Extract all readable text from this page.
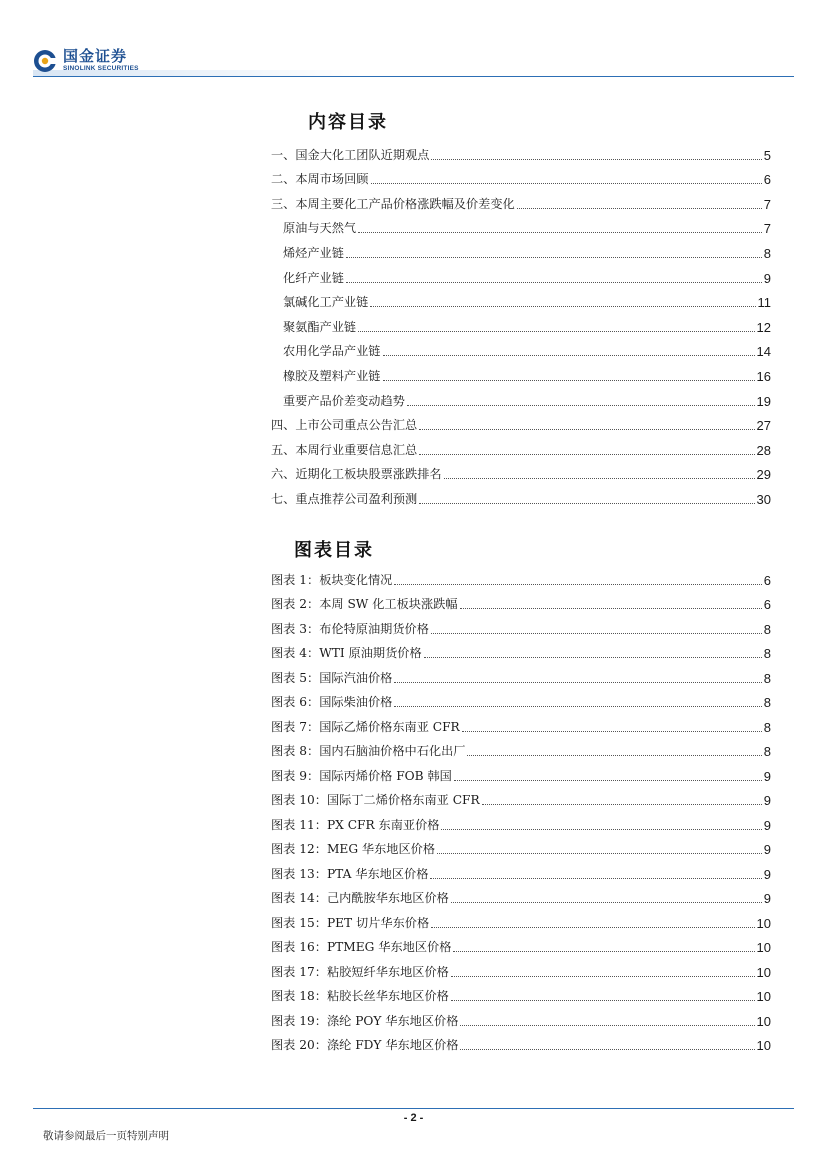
国金证券
SINOLINK SECURITIES
内容目录
一、国金大化工团队近期观点	5
二、本周市场回顾	6
三、本周主要化工产品价格涨跌幅及价差变化	7
原油与天然气	7
烯烃产业链	8
化纤产业链	9
氯碱化工产业链	11
聚氨酯产业链	12
农用化学品产业链	14
橡胶及塑料产业链	16
重要产品价差变动趋势	19
四、上市公司重点公告汇总	27
五、本周行业重要信息汇总	28
六、近期化工板块股票涨跌排名	29
七、重点推荐公司盈利预测	30
图表目录
图表 1：板块变化情况	6
图表 2：本周 SW 化工板块涨跌幅	6
图表 3：布伦特原油期货价格	8
图表 4：WTI 原油期货价格	8
图表 5：国际汽油价格	8
图表 6：国际柴油价格	8
图表 7：国际乙烯价格东南亚 CFR	8
图表 8：国内石脑油价格中石化出厂	8
图表 9：国际丙烯价格 FOB 韩国	9
图表 10：国际丁二烯价格东南亚 CFR	9
图表 11：PX CFR 东南亚价格	9
图表 12：MEG 华东地区价格	9
图表 13：PTA 华东地区价格	9
图表 14：己内酰胺华东地区价格	9
图表 15：PET 切片华东价格	10
图表 16：PTMEG 华东地区价格	10
图表 17：粘胶短纤华东地区价格	10
图表 18：粘胶长丝华东地区价格	10
图表 19：涤纶 POY 华东地区价格	10
图表 20：涤纶 FDY 华东地区价格	10
- 2 -
敬请参阅最后一页特别声明
